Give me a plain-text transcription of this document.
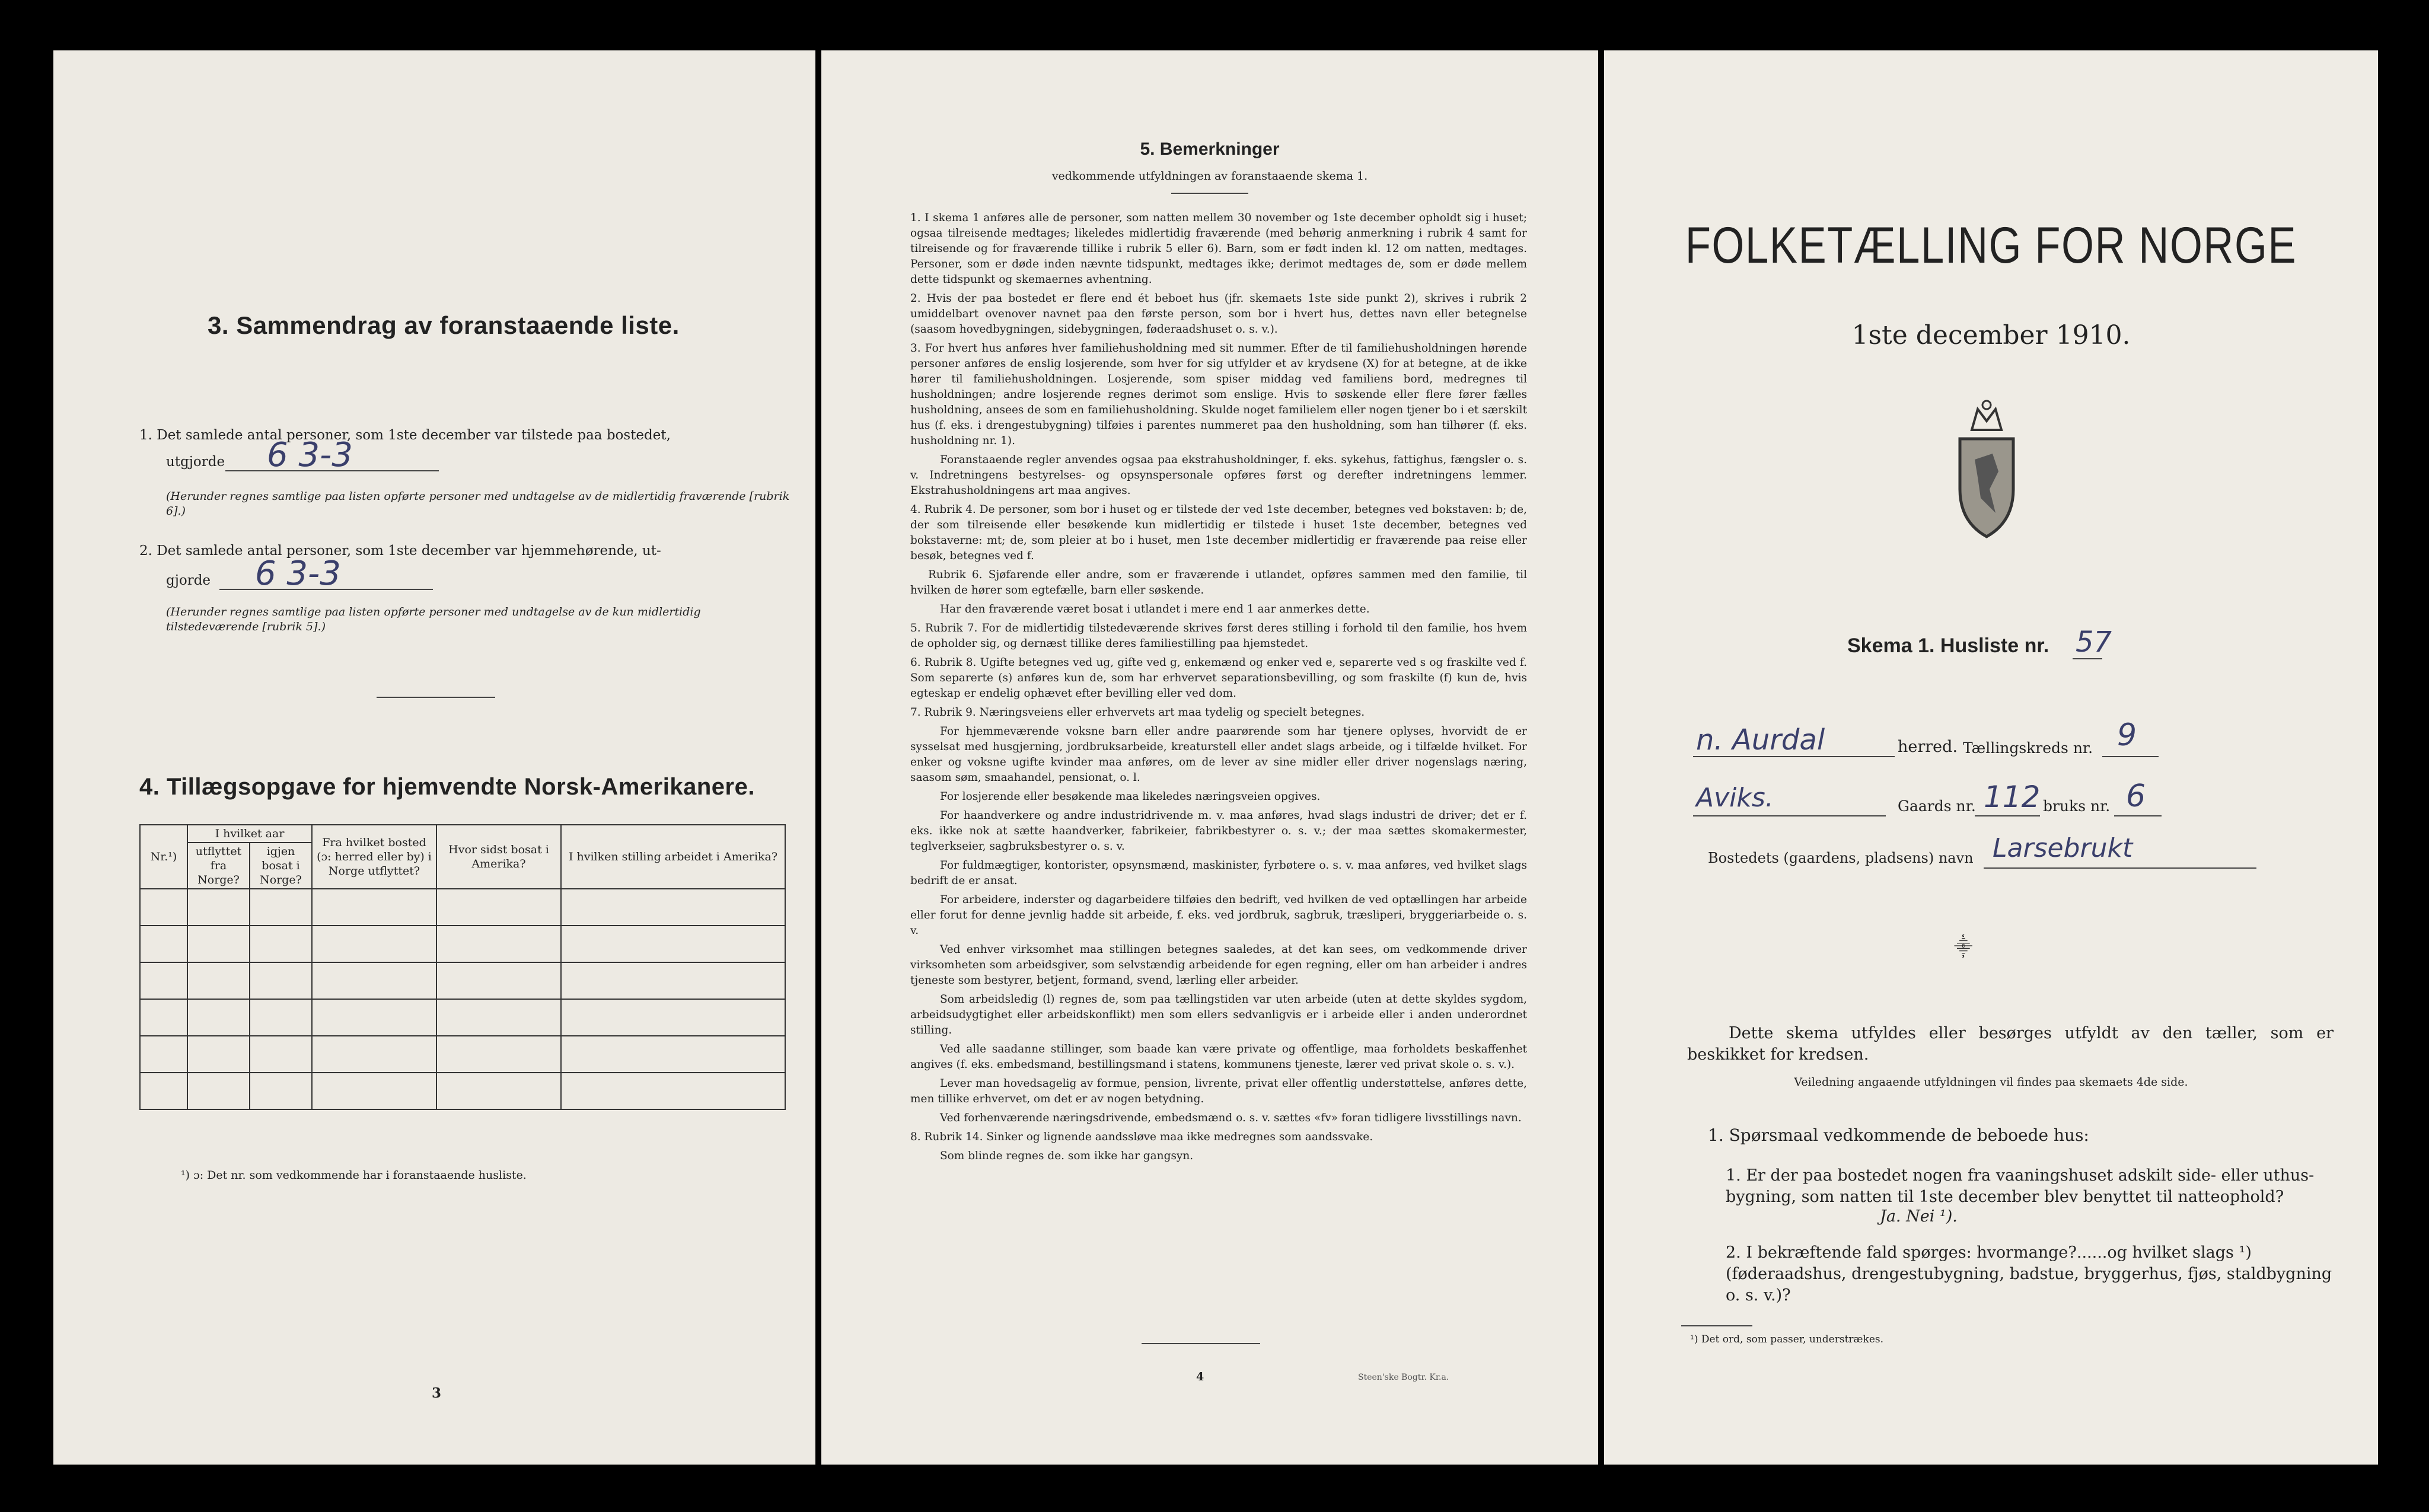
3. Sammendrag av foranstaaende liste.
1. Det samlede antal personer, som 1ste december var tilstede paa bostedet,
utgjorde 6 3-3
(Herunder regnes samtlige paa listen opførte personer med undtagelse av de midlertidig fraværende [rubrik 6].)
2. Det samlede antal personer, som 1ste december var hjemmehørende, ut-
gjorde 6 3-3
(Herunder regnes samtlige paa listen opførte personer med undtagelse av de kun midlertidig tilstedeværende [rubrik 5].)
4. Tillægsopgave for hjemvendte Norsk-Amerikanere.
Nr.¹)	I hvilket aar		Fra hvilket bosted (ɔ: herred eller by) i Norge utflyttet?	Hvor sidst bosat i Amerika?	I hvilken stilling arbeidet i Amerika?
	utflyttet fra Norge?	igjen bosat i Norge?			

¹) ɔ: Det nr. som vedkommende har i foranstaaende husliste.
3
5. Bemerkninger
vedkommende utfyldningen av foranstaaende skema 1.

1. I skema 1 anføres alle de personer, som natten mellem 30 november og 1ste december opholdt sig i huset; ogsaa tilreisende medtages; likeledes midlertidig fraværende (med behørig anmerkning i rubrik 4 samt for tilreisende og for fraværende tillike i rubrik 5 eller 6). Barn, som er født inden kl. 12 om natten, medtages. Personer, som er døde inden nævnte tidspunkt, medtages ikke; derimot medtages de, som er døde mellem dette tidspunkt og skemaernes avhentning.

2. Hvis der paa bostedet er flere end ét beboet hus (jfr. skemaets 1ste side punkt 2), skrives i rubrik 2 umiddelbart ovenover navnet paa den første person, som bor i hvert hus, dettes navn eller betegnelse (saasom hovedbygningen, sidebygningen, føderaadshuset o. s. v.).

3. For hvert hus anføres hver familiehusholdning med sit nummer. Efter de til familiehusholdningen hørende personer anføres de enslig losjerende, som hver for sig utfylder et av krydsene (X) for at betegne, at de ikke hører til familiehusholdningen. Losjerende, som spiser middag ved familiens bord, medregnes til husholdningen; andre losjerende regnes derimot som enslige. Hvis to søskende eller flere fører fælles husholdning, ansees de som en familiehusholdning. Skulde noget familielem eller nogen tjener bo i et særskilt hus (f. eks. i drengestubygning) tilføies i parentes nummeret paa den husholdning, som han tilhører (f. eks. husholdning nr. 1).

Foranstaaende regler anvendes ogsaa paa ekstrahusholdninger, f. eks. sykehus, fattighus, fængsler o. s. v. Indretningens bestyrelses- og opsynspersonale opføres først og derefter indretningens lemmer. Ekstrahusholdningens art maa angives.

4. Rubrik 4. De personer, som bor i huset og er tilstede der ved 1ste december, betegnes ved bokstaven: b; de, der som tilreisende eller besøkende kun midlertidig er tilstede i huset 1ste december, betegnes ved bokstaverne: mt; de, som pleier at bo i huset, men 1ste december midlertidig er fraværende paa reise eller besøk, betegnes ved f.

Rubrik 6. Sjøfarende eller andre, som er fraværende i utlandet, opføres sammen med den familie, til hvilken de hører som egtefælle, barn eller søskende.

Har den fraværende været bosat i utlandet i mere end 1 aar anmerkes dette.

5. Rubrik 7. For de midlertidig tilstedeværende skrives først deres stilling i forhold til den familie, hos hvem de opholder sig, og dernæst tillike deres familiestilling paa hjemstedet.

6. Rubrik 8. Ugifte betegnes ved ug, gifte ved g, enkemænd og enker ved e, separerte ved s og fraskilte ved f. Som separerte (s) anføres kun de, som har erhvervet separationsbevilling, og som fraskilte (f) kun de, hvis egteskap er endelig ophævet efter bevilling eller ved dom.

7. Rubrik 9. Næringsveiens eller erhvervets art maa tydelig og specielt betegnes.

For hjemmeværende voksne barn eller andre paarørende som har tjenere oplyses, hvorvidt de er sysselsat med husgjerning, jordbruksarbeide, kreaturstell eller andet slags arbeide, og i tilfælde hvilket. For enker og voksne ugifte kvinder maa anføres, om de lever av sine midler eller driver nogenslags næring, saasom søm, smaahandel, pensionat, o. l.

For losjerende eller besøkende maa likeledes næringsveien opgives.

For haandverkere og andre industridrivende m. v. maa anføres, hvad slags industri de driver; det er f. eks. ikke nok at sætte haandverker, fabrikeier, fabrikbestyrer o. s. v.; der maa sættes skomakermester, teglverkseier, sagbruksbestyrer o. s. v.

For fuldmægtiger, kontorister, opsynsmænd, maskinister, fyrbøtere o. s. v. maa anføres, ved hvilket slags bedrift de er ansat.

For arbeidere, inderster og dagarbeidere tilføies den bedrift, ved hvilken de ved optællingen har arbeide eller forut for denne jevnlig hadde sit arbeide, f. eks. ved jordbruk, sagbruk, træsliperi, bryggeriarbeide o. s. v.

Ved enhver virksomhet maa stillingen betegnes saaledes, at det kan sees, om vedkommende driver virksomheten som arbeidsgiver, som selvstændig arbeidende for egen regning, eller om han arbeider i andres tjeneste som bestyrer, betjent, formand, svend, lærling eller arbeider.

Som arbeidsledig (l) regnes de, som paa tællingstiden var uten arbeide (uten at dette skyldes sygdom, arbeidsudygtighet eller arbeidskonflikt) men som ellers sedvanligvis er i arbeide eller i anden underordnet stilling.

Ved alle saadanne stillinger, som baade kan være private og offentlige, maa forholdets beskaffenhet angives (f. eks. embedsmand, bestillingsmand i statens, kommunens tjeneste, lærer ved privat skole o. s. v.).

Lever man hovedsagelig av formue, pension, livrente, privat eller offentlig understøttelse, anføres dette, men tillike erhvervet, om det er av nogen betydning.

Ved forhenværende næringsdrivende, embedsmænd o. s. v. sættes «fv» foran tidligere livsstillings navn.

8. Rubrik 14. Sinker og lignende aandssløve maa ikke medregnes som aandssvake.

Som blinde regnes de. som ikke har gangsyn.

4	Steen'ske Bogtr. Kr.a.
FOLKETÆLLING FOR NORGE
1ste december 1910.
Skema 1. Husliste nr. 57
n. Aurdal	herred. Tællingskreds nr. 9
Aviks.	Gaards nr. 112 bruks nr. 6
Bostedets (gaardens, pladsens) navn Larsebrukt
⸎
Dette skema utfyldes eller besørges utfyldt av den tæller, som er beskikket for kredsen.
Veiledning angaaende utfyldningen vil findes paa skemaets 4de side.
1. Spørsmaal vedkommende de beboede hus:
1. Er der paa bostedet nogen fra vaaningshuset adskilt side- eller uthus-bygning, som natten til 1ste december blev benyttet til natteophold?
Ja. Nei ¹).
2. I bekræftende fald spørges: hvormange?......og hvilket slags ¹) (føderaadshus, drengestubygning, badstue, bryggerhus, fjøs, staldbygning o. s. v.)?
¹) Det ord, som passer, understrækes.
